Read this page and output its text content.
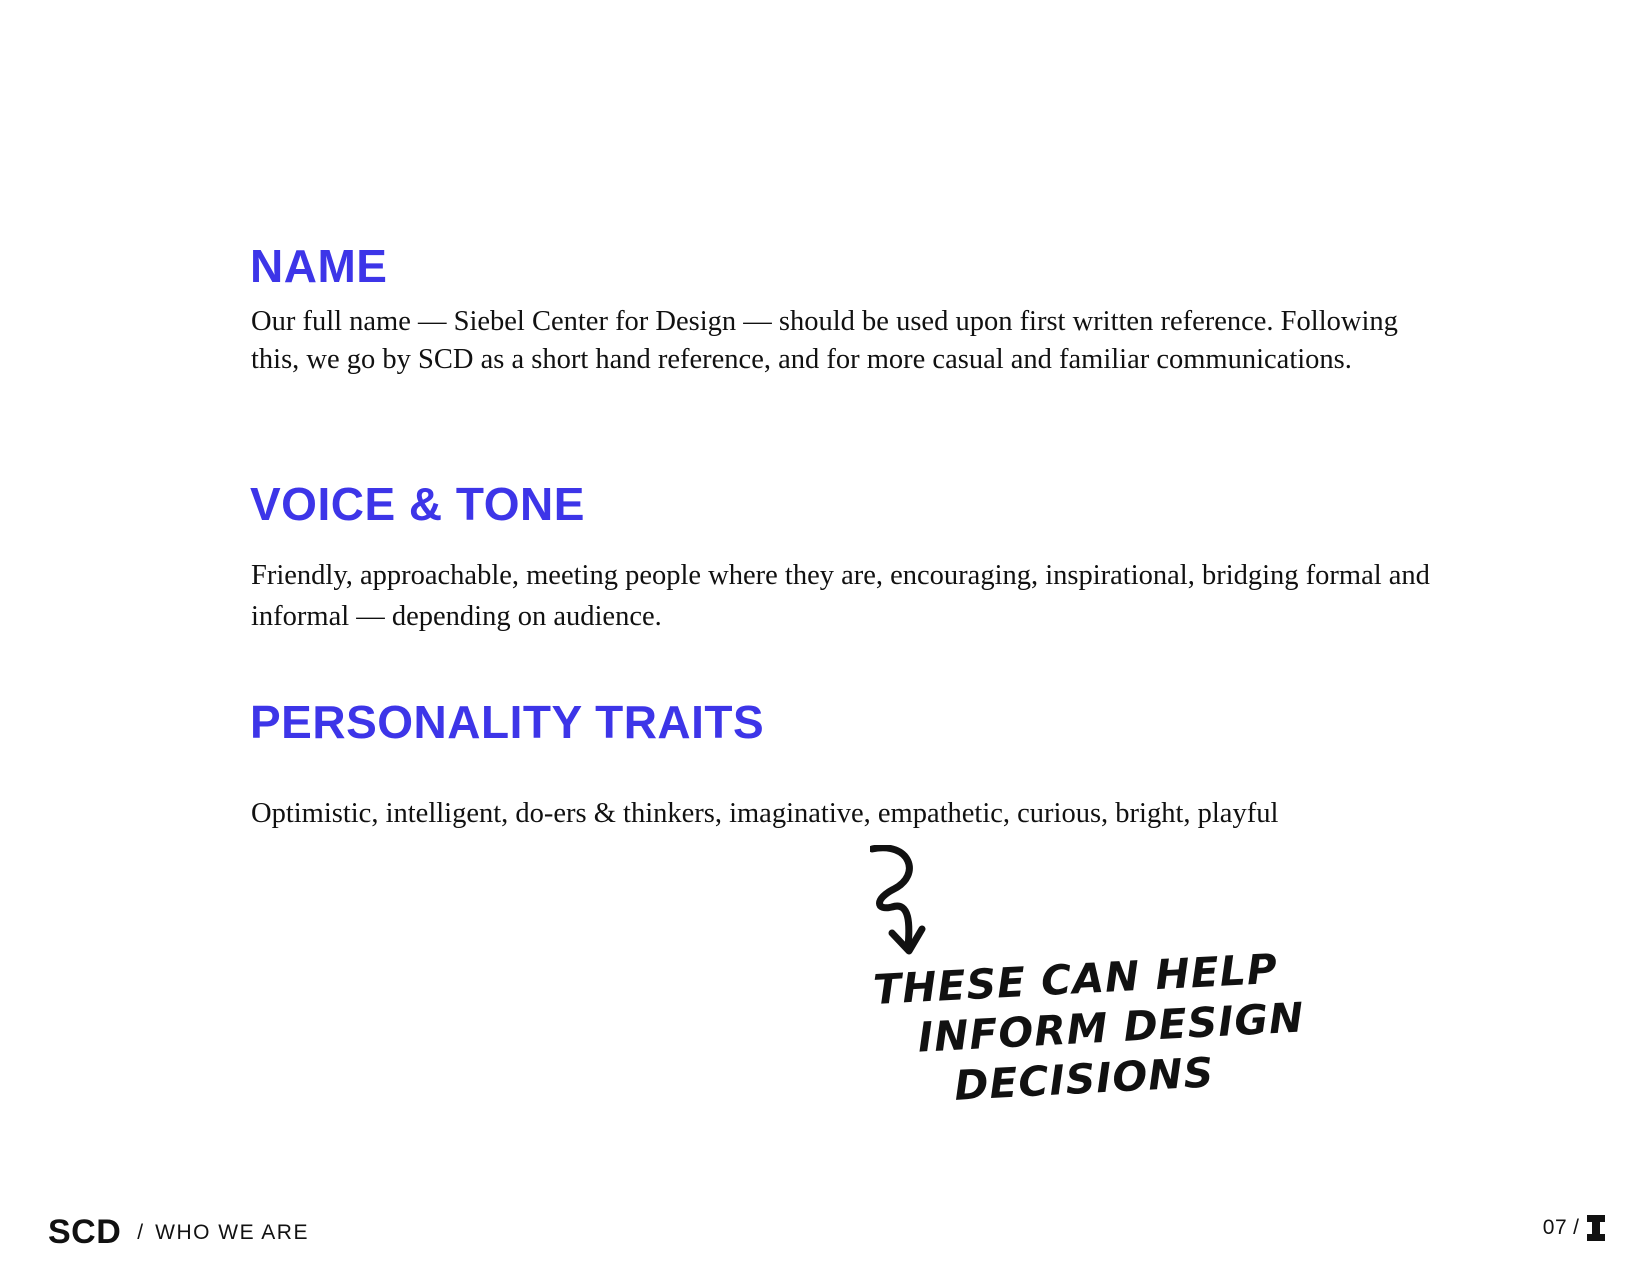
NAME

Our full name — Siebel Center for Design — should be used upon first written reference. Following this, we go by SCD as a short hand reference, and for more casual and familiar communications.

VOICE & TONE

Friendly, approachable, meeting people where they are, encouraging, inspirational, bridging formal and informal — depending on audience.

PERSONALITY TRAITS

Optimistic, intelligent, do-ers & thinkers, imaginative, empathetic, curious, bright, playful

THESE CAN HELP
INFORM DESIGN
DECISIONS
SCD / WHO WE ARE	07 /
